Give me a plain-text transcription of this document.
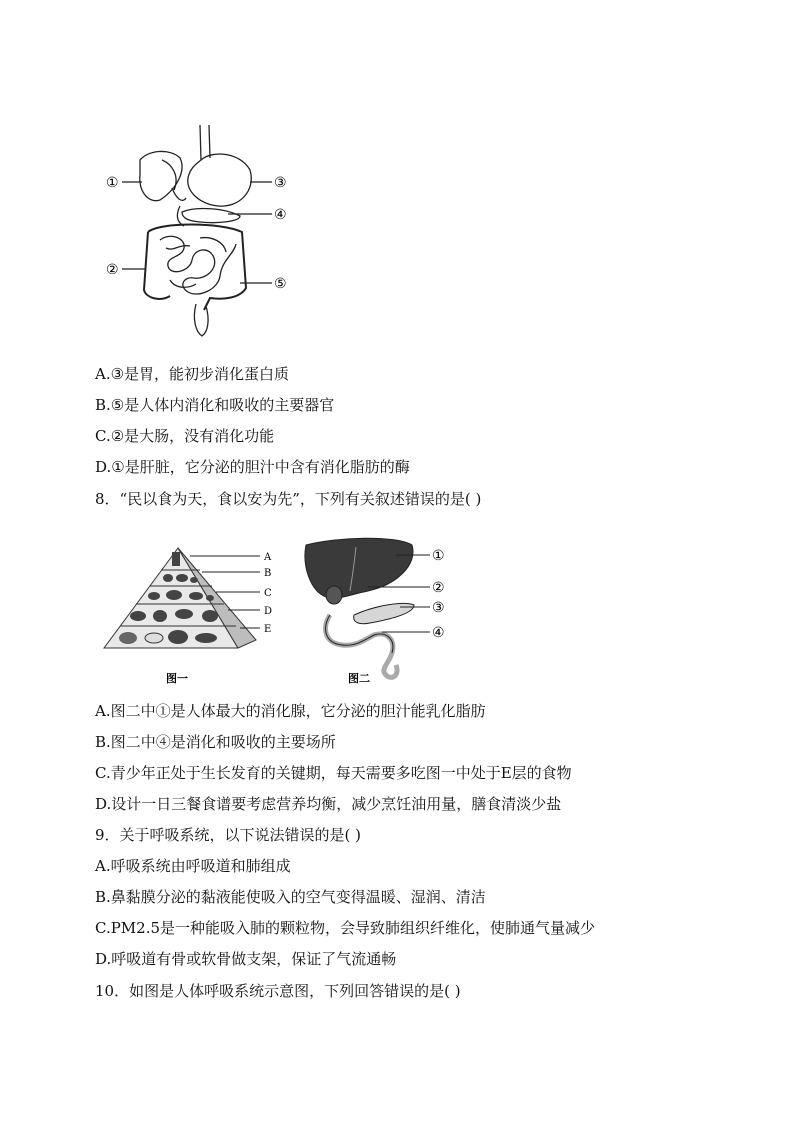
①
②
③
④
⑤
A.③是胃，能初步消化蛋白质
B.⑤是人体内消化和吸收的主要器官
C.②是大肠，没有消化功能
D.①是肝脏，它分泌的胆汁中含有消化脂肪的酶
8．“民以食为天，食以安为先”，下列有关叙述错误的是( )
A
B
C
D
E
图一
①
②
③
④
图二
A.图二中①是人体最大的消化腺，它分泌的胆汁能乳化脂肪
B.图二中④是消化和吸收的主要场所
C.青少年正处于生长发育的关键期，每天需要多吃图一中处于E层的食物
D.设计一日三餐食谱要考虑营养均衡，减少烹饪油用量，膳食清淡少盐
9．关于呼吸系统，以下说法错误的是( )
A.呼吸系统由呼吸道和肺组成
B.鼻黏膜分泌的黏液能使吸入的空气变得温暖、湿润、清洁
C.PM2.5是一种能吸入肺的颗粒物，会导致肺组织纤维化，使肺通气量减少
D.呼吸道有骨或软骨做支架，保证了气流通畅
10．如图是人体呼吸系统示意图，下列回答错误的是( )
